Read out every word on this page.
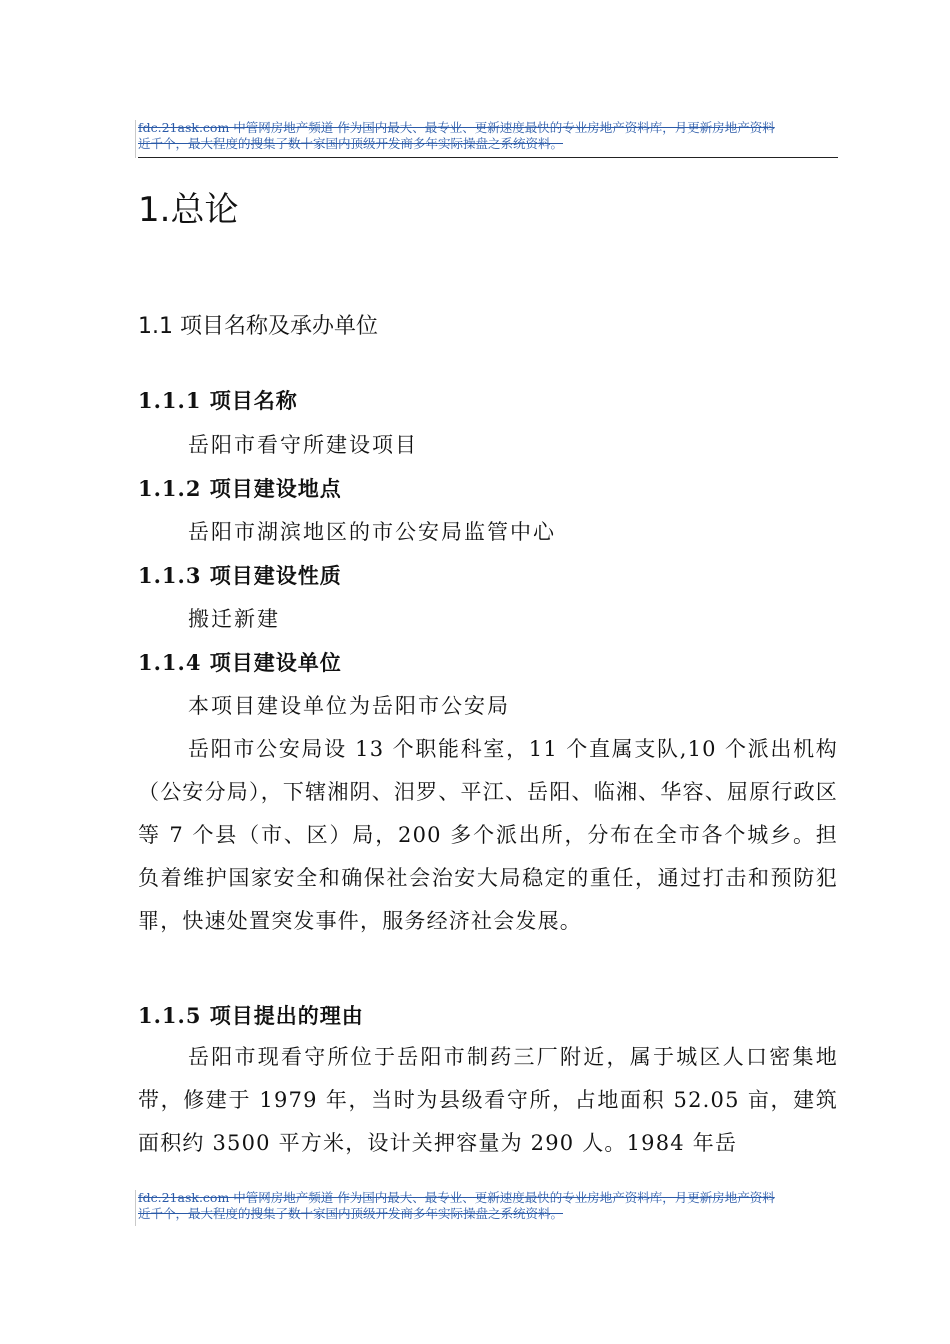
fdc.21ask.com 中管网房地产频道 作为国内最大、最专业、更新速度最快的专业房地产资料库，月更新房地产资料
近千个，最大程度的搜集了数十家国内顶级开发商多年实际操盘之系统资料。
1.总论
1.1 项目名称及承办单位
1.1.1 项目名称
岳阳市看守所建设项目
1.1.2 项目建设地点
岳阳市湖滨地区的市公安局监管中心
1.1.3 项目建设性质
搬迁新建
1.1.4 项目建设单位
本项目建设单位为岳阳市公安局
岳阳市公安局设 13 个职能科室，11 个直属支队,10 个派出机构（公安分局），下辖湘阴、汨罗、平江、岳阳、临湘、华容、屈原行政区等 7 个县（市、区）局，200 多个派出所，分布在全市各个城乡。担负着维护国家安全和确保社会治安大局稳定的重任，通过打击和预防犯罪，快速处置突发事件，服务经济社会发展。
1.1.5 项目提出的理由
岳阳市现看守所位于岳阳市制药三厂附近，属于城区人口密集地带，修建于 1979 年，当时为县级看守所，占地面积 52.05 亩，建筑面积约 3500 平方米，设计关押容量为 290 人。1984 年岳
fdc.21ask.com 中管网房地产频道 作为国内最大、最专业、更新速度最快的专业房地产资料库，月更新房地产资料
近千个，最大程度的搜集了数十家国内顶级开发商多年实际操盘之系统资料。
